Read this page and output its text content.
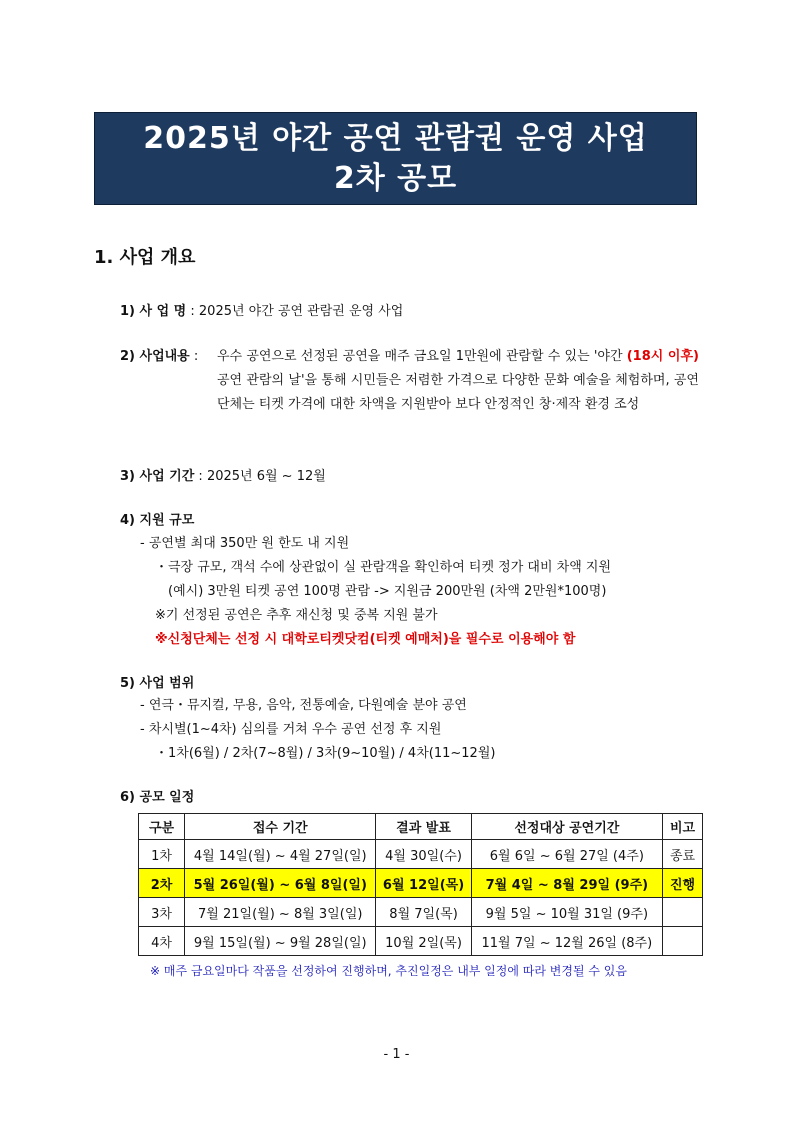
2025년 야간 공연 관람권 운영 사업
2차 공모
1. 사업 개요
1) 사 업 명 : 2025년 야간 공연 관람권 운영 사업
2) 사업내용 : 우수 공연으로 선정된 공연을 매주 금요일 1만원에 관람할 수 있는 '야간 (18시 이후) 공연 관람의 날'을 통해 시민들은 저렴한 가격으로 다양한 문화 예술을 체험하며, 공연 단체는 티켓 가격에 대한 차액을 지원받아 보다 안정적인 창·제작 환경 조성
3) 사업 기간 : 2025년 6월 ~ 12월
4) 지원 규모
- 공연별 최대 350만 원 한도 내 지원
・극장 규모, 객석 수에 상관없이 실 관람객을 확인하여 티켓 정가 대비 차액 지원
(예시) 3만원 티켓 공연 100명 관람 -> 지원금 200만원 (차액 2만원*100명)
※기 선정된 공연은 추후 재신청 및 중복 지원 불가
※신청단체는 선정 시 대학로티켓닷컴(티켓 예매처)을 필수로 이용해야 함
5) 사업 범위
- 연극・뮤지컬, 무용, 음악, 전통예술, 다원예술 분야 공연
- 차시별(1~4차) 심의를 거쳐 우수 공연 선정 후 지원
・1차(6월) / 2차(7~8월) / 3차(9~10월) / 4차(11~12월)
6) 공모 일정
구분	접수 기간	결과 발표	선정대상 공연기간	비고
1차	4월 14일(월) ~ 4월 27일(일)	4월 30일(수)	6월 6일 ~ 6월 27일 (4주)	종료
2차	5월 26일(월) ~ 6월 8일(일)	6월 12일(목)	7월 4일 ~ 8월 29일 (9주)	진행
3차	7월 21일(월) ~ 8월 3일(일)	8월 7일(목)	9월 5일 ~ 10월 31일 (9주)	
4차	9월 15일(월) ~ 9월 28일(일)	10월 2일(목)	11월 7일 ~ 12월 26일 (8주)	
※ 매주 금요일마다 작품을 선정하여 진행하며, 추진일정은 내부 일정에 따라 변경될 수 있음
- 1 -
